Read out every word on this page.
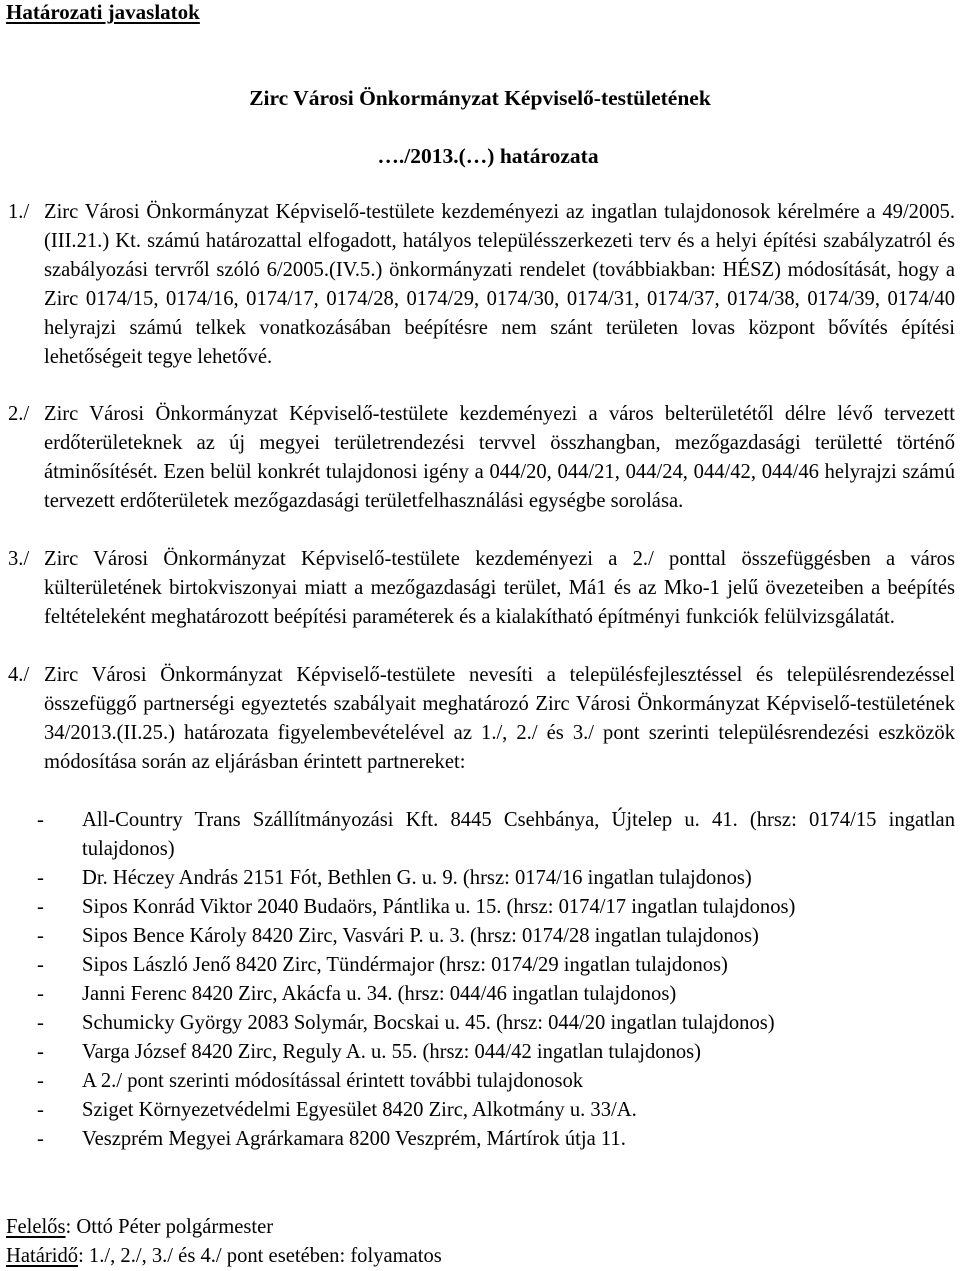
Határozati javaslatok
Zirc Városi Önkormányzat Képviselő-testületének
…./2013.(…) határozata
1./ Zirc Városi Önkormányzat Képviselő-testülete kezdeményezi az ingatlan tulajdonosok kérelmére a 49/2005.(III.21.) Kt. számú határozattal elfogadott, hatályos településszerkezeti terv és a helyi építési szabályzatról és szabályozási tervről szóló 6/2005.(IV.5.) önkormányzati rendelet (továbbiakban: HÉSZ) módosítását, hogy a Zirc 0174/15, 0174/16, 0174/17, 0174/28, 0174/29, 0174/30, 0174/31, 0174/37, 0174/38, 0174/39, 0174/40 helyrajzi számú telkek vonatkozásában beépítésre nem szánt területen lovas központ bővítés építési lehetőségeit tegye lehetővé.
2./ Zirc Városi Önkormányzat Képviselő-testülete kezdeményezi a város belterületétől délre lévő tervezett erdőterületeknek az új megyei területrendezési tervvel összhangban, mezőgazdasági területté történő átminősítését. Ezen belül konkrét tulajdonosi igény a 044/20, 044/21, 044/24, 044/42, 044/46 helyrajzi számú tervezett erdőterületek mezőgazdasági területfelhasználási egységbe sorolása.
3./ Zirc Városi Önkormányzat Képviselő-testülete kezdeményezi a 2./ ponttal összefüggésben a város külterületének birtokviszonyai miatt a mezőgazdasági terület, Má1 és az Mko-1 jelű övezeteiben a beépítés feltételeként meghatározott beépítési paraméterek és a kialakítható építményi funkciók felülvizsgálatát.
4./ Zirc Városi Önkormányzat Képviselő-testülete nevesíti a településfejlesztéssel és településrendezéssel összefüggő partnerségi egyeztetés szabályait meghatározó Zirc Városi Önkormányzat Képviselő-testületének 34/2013.(II.25.) határozata figyelembevételével az 1./, 2./ és 3./ pont szerinti településrendezési eszközök módosítása során az eljárásban érintett partnereket:
- All-Country Trans Szállítmányozási Kft. 8445 Csehbánya, Újtelep u. 41. (hrsz: 0174/15 ingatlan tulajdonos)
- Dr. Héczey András 2151 Fót, Bethlen G. u. 9. (hrsz: 0174/16 ingatlan tulajdonos)
- Sipos Konrád Viktor 2040 Budaörs, Pántlika u. 15. (hrsz: 0174/17 ingatlan tulajdonos)
- Sipos Bence Károly 8420 Zirc, Vasvári P. u. 3. (hrsz: 0174/28 ingatlan tulajdonos)
- Sipos László Jenő 8420 Zirc, Tündérmajor (hrsz: 0174/29 ingatlan tulajdonos)
- Janni Ferenc 8420 Zirc, Akácfa u. 34. (hrsz: 044/46 ingatlan tulajdonos)
- Schumicky György 2083 Solymár, Bocskai u. 45. (hrsz: 044/20 ingatlan tulajdonos)
- Varga József 8420 Zirc, Reguly A. u. 55. (hrsz: 044/42 ingatlan tulajdonos)
- A 2./ pont szerinti módosítással érintett további tulajdonosok
- Sziget Környezetvédelmi Egyesület 8420 Zirc, Alkotmány u. 33/A.
- Veszprém Megyei Agrárkamara 8200 Veszprém, Mártírok útja 11.
Felelős: Ottó Péter polgármester
Határidő: 1./, 2./, 3./ és 4./ pont esetében: folyamatos
